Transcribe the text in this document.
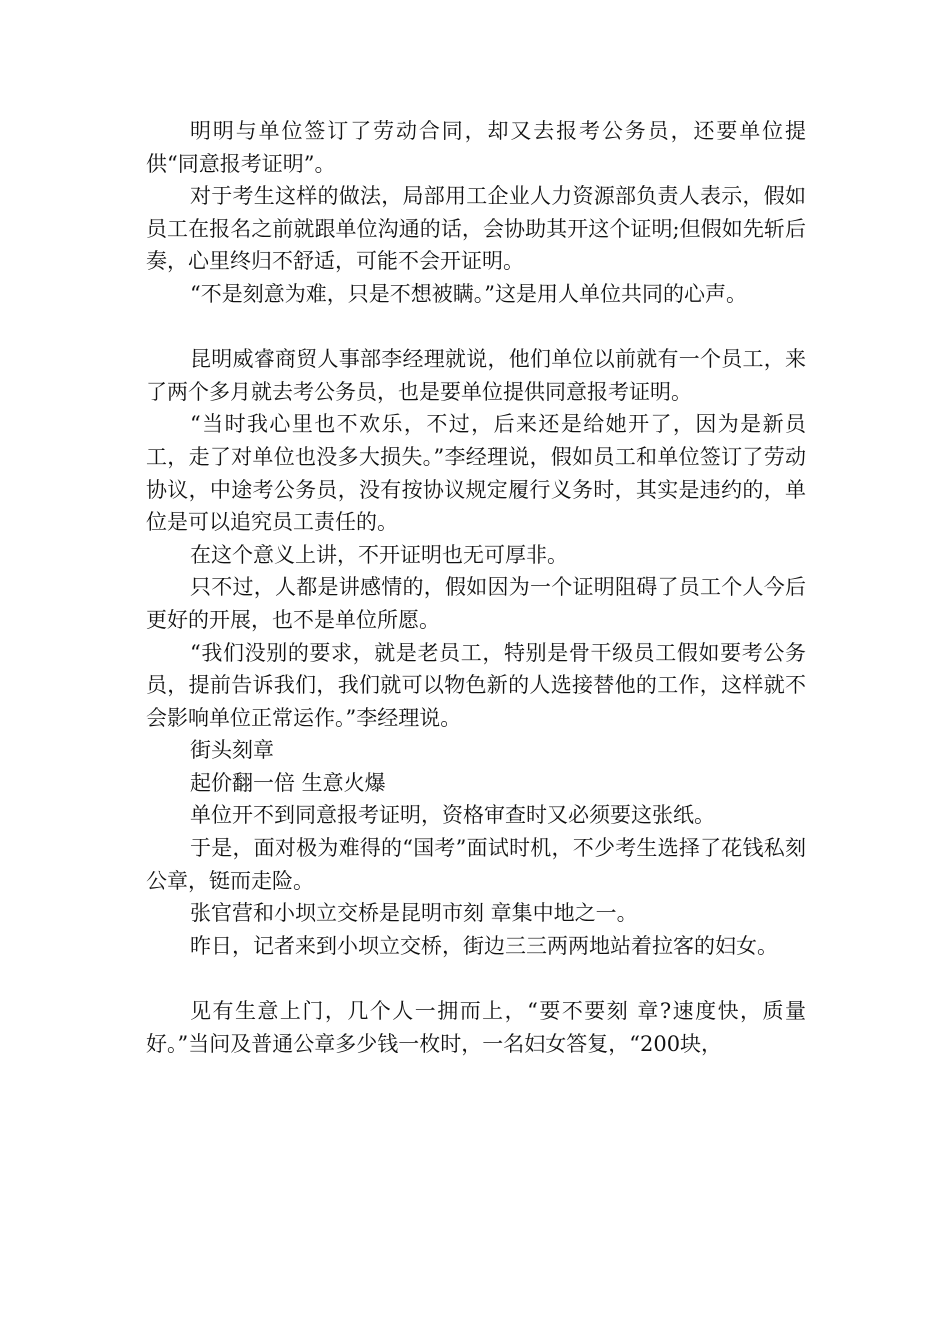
明明与单位签订了劳动合同，却又去报考公务员，还要单位提供“同意报考证明”。

对于考生这样的做法，局部用工企业人力资源部负责人表示，假如员工在报名之前就跟单位沟通的话，会协助其开这个证明;但假如先斩后奏，心里终归不舒适，可能不会开证明。

“不是刻意为难，只是不想被瞒。”这是用人单位共同的心声。

昆明威睿商贸人事部李经理就说，他们单位以前就有一个员工，来了两个多月就去考公务员，也是要单位提供同意报考证明。

“当时我心里也不欢乐，不过，后来还是给她开了，因为是新员工，走了对单位也没多大损失。”李经理说，假如员工和单位签订了劳动协议，中途考公务员，没有按协议规定履行义务时，其实是违约的，单位是可以追究员工责任的。

在这个意义上讲，不开证明也无可厚非。

只不过，人都是讲感情的，假如因为一个证明阻碍了员工个人今后更好的开展，也不是单位所愿。

“我们没别的要求，就是老员工，特别是骨干级员工假如要考公务员，提前告诉我们，我们就可以物色新的人选接替他的工作，这样就不会影响单位正常运作。”李经理说。

街头刻章

起价翻一倍 生意火爆

单位开不到同意报考证明，资格审查时又必须要这张纸。

于是，面对极为难得的“国考”面试时机，不少考生选择了花钱私刻公章，铤而走险。

张官营和小坝立交桥是昆明市刻 章集中地之一。

昨日，记者来到小坝立交桥，街边三三两两地站着拉客的妇女。

见有生意上门，几个人一拥而上，“要不要刻 章?速度快，质量好。”当问及普通公章多少钱一枚时，一名妇女答复，“200块，
